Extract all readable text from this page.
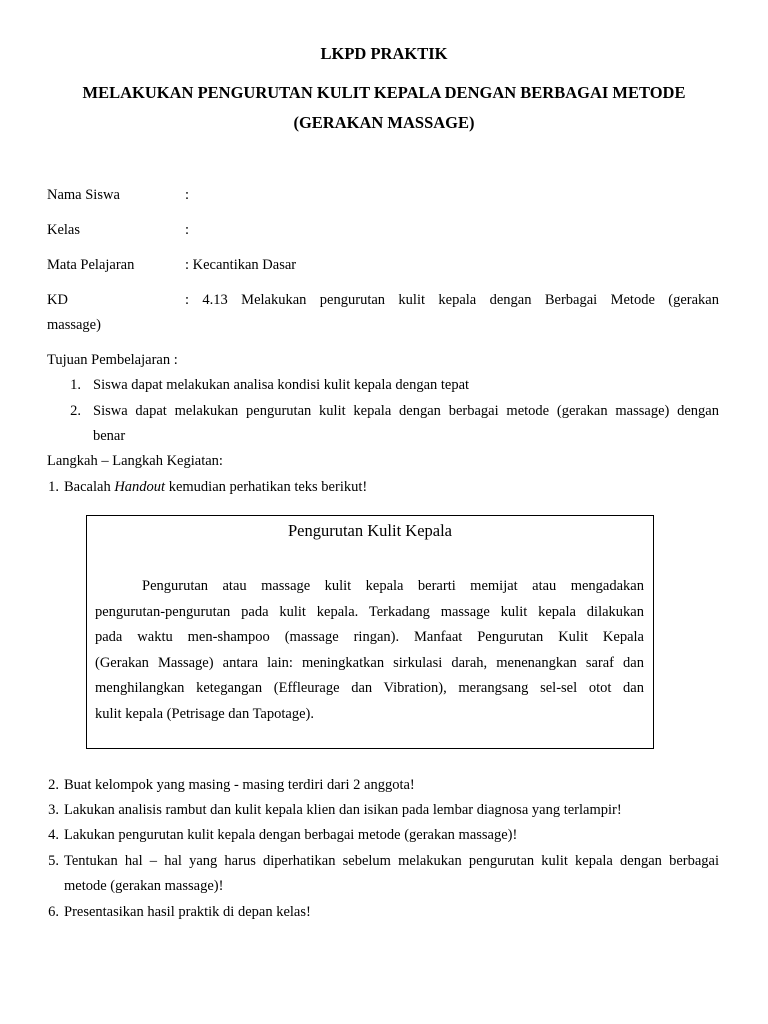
LKPD PRAKTIK
MELAKUKAN PENGURUTAN KULIT KEPALA DENGAN BERBAGAI METODE
(GERAKAN MASSAGE)
Nama Siswa	:
Kelas	:
Mata Pelajaran	: Kecantikan Dasar
KD	: 4.13 Melakukan pengurutan kulit kepala dengan Berbagai Metode (gerakan
massage)
Tujuan Pembelajaran :
1. Siswa dapat melakukan analisa kondisi kulit kepala dengan tepat
2. Siswa dapat melakukan pengurutan kulit kepala dengan berbagai metode (gerakan massage) dengan
benar
Langkah – Langkah Kegiatan:
1. Bacalah Handout kemudian perhatikan teks berikut!
Pengurutan Kulit Kepala
Pengurutan atau massage kulit kepala berarti memijat atau mengadakan
pengurutan-pengurutan pada kulit kepala. Terkadang massage kulit kepala dilakukan
pada waktu men-shampoo (massage ringan). Manfaat Pengurutan Kulit Kepala
(Gerakan Massage) antara lain: meningkatkan sirkulasi darah, menenangkan saraf dan
menghilangkan ketegangan (Effleurage dan Vibration), merangsang sel-sel otot dan
kulit kepala (Petrisage dan Tapotage).
2. Buat kelompok yang masing - masing terdiri dari 2 anggota!
3. Lakukan analisis rambut dan kulit kepala klien dan isikan pada lembar diagnosa yang terlampir!
4. Lakukan pengurutan kulit kepala dengan berbagai metode (gerakan massage)!
5. Tentukan hal – hal yang harus diperhatikan sebelum melakukan pengurutan kulit kepala dengan berbagai
metode (gerakan massage)!
6. Presentasikan hasil praktik di depan kelas!
